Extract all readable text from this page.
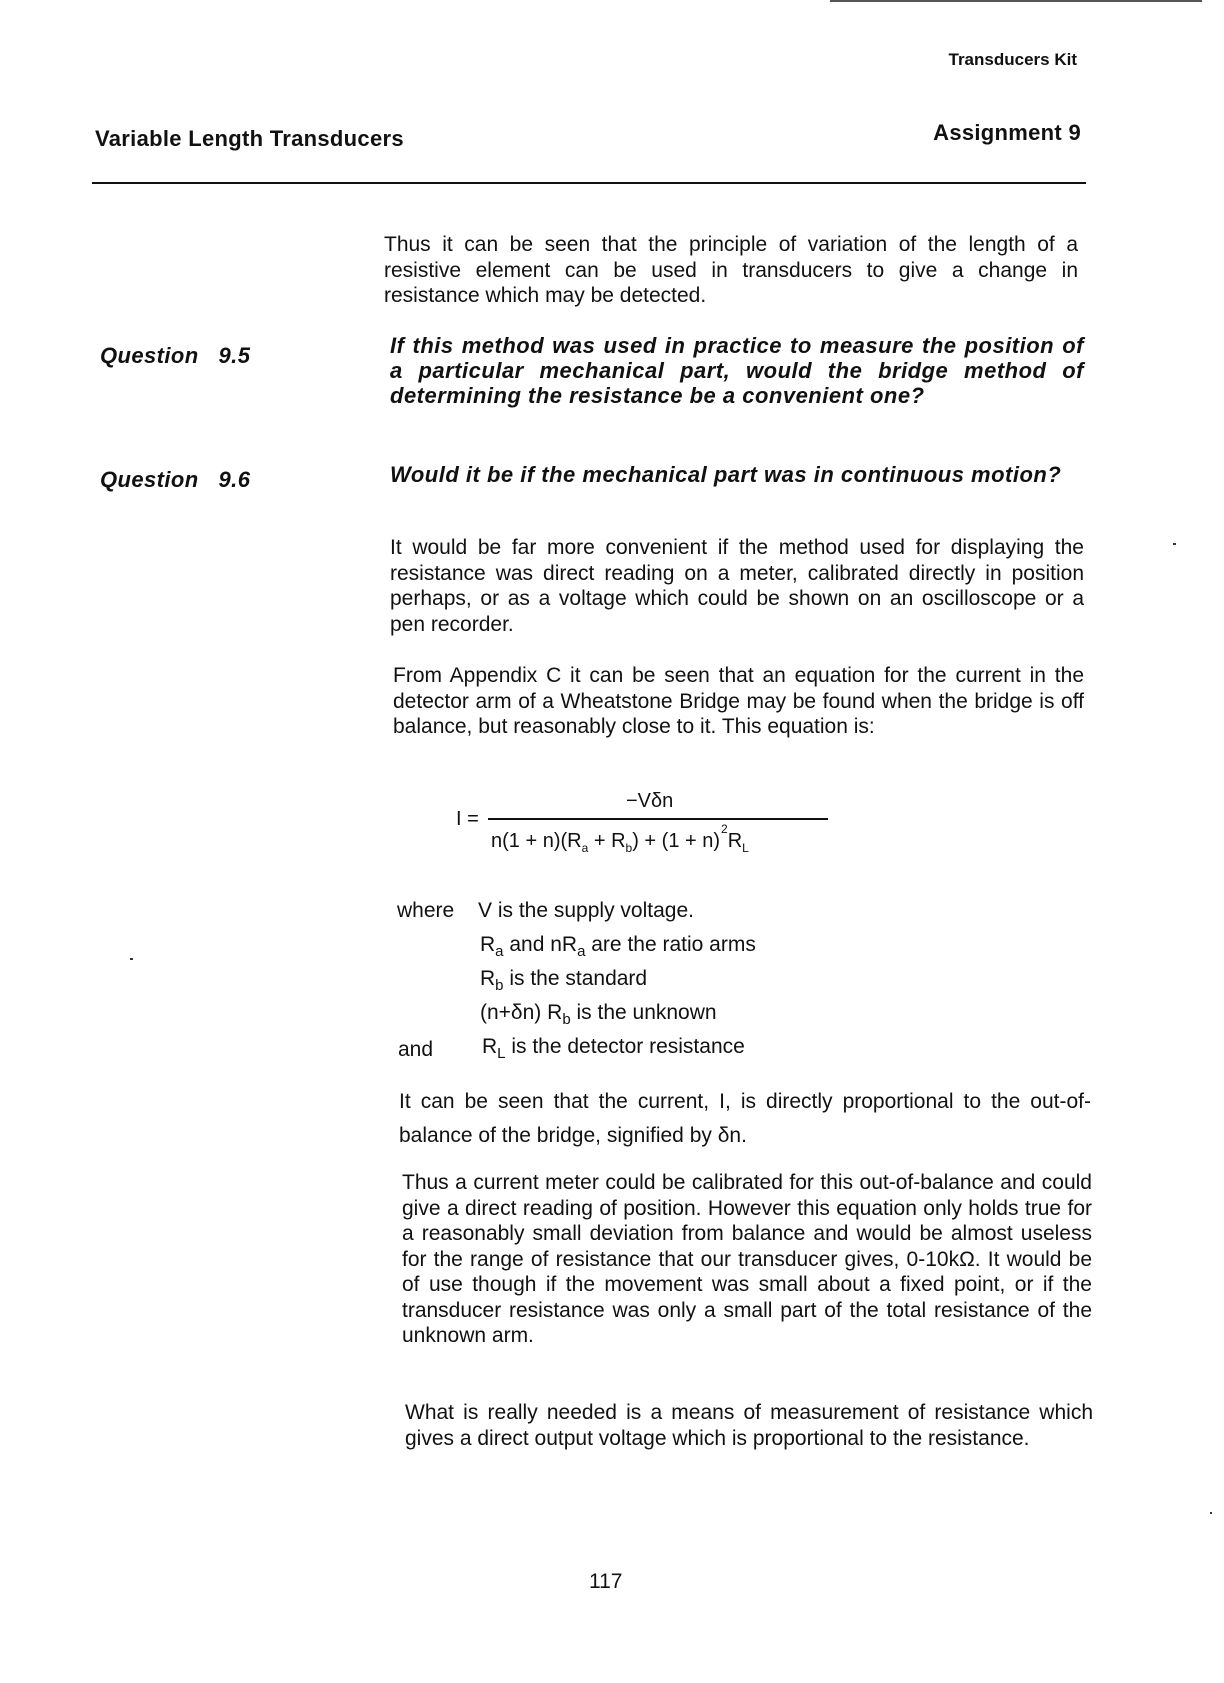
Transducers Kit
Variable Length Transducers	Assignment 9
Thus it can be seen that the principle of variation of the length of a resistive element can be used in transducers to give a change in resistance which may be detected.
Question 9.5	If this method was used in practice to measure the position of a particular mechanical part, would the bridge method of determining the resistance be a convenient one?
Question 9.6	Would it be if the mechanical part was in continuous motion?
It would be far more convenient if the method used for displaying the resistance was direct reading on a meter, calibrated directly in position perhaps, or as a voltage which could be shown on an oscilloscope or a pen recorder.
From Appendix C it can be seen that an equation for the current in the detector arm of a Wheatstone Bridge may be found when the bridge is off balance, but reasonably close to it. This equation is:
I =
−Vδn
$n(1 + n)(R_a + R_b) + (1 + n)^2R_L$
where V is the supply voltage.
$R_a$ and $nR_a$ are the ratio arms
$R_b$ is the standard
(n+δn) $R_b$ is the unknown
and $R_L$ is the detector resistance
It can be seen that the current, I, is directly proportional to the out-of-balance of the bridge, signified by δn.
Thus a current meter could be calibrated for this out-of-balance and could give a direct reading of position. However this equation only holds true for a reasonably small deviation from balance and would be almost useless for the range of resistance that our transducer gives, 0-10kΩ. It would be of use though if the movement was small about a fixed point, or if the transducer resistance was only a small part of the total resistance of the unknown arm.
What is really needed is a means of measurement of resistance which gives a direct output voltage which is proportional to the resistance.
117
